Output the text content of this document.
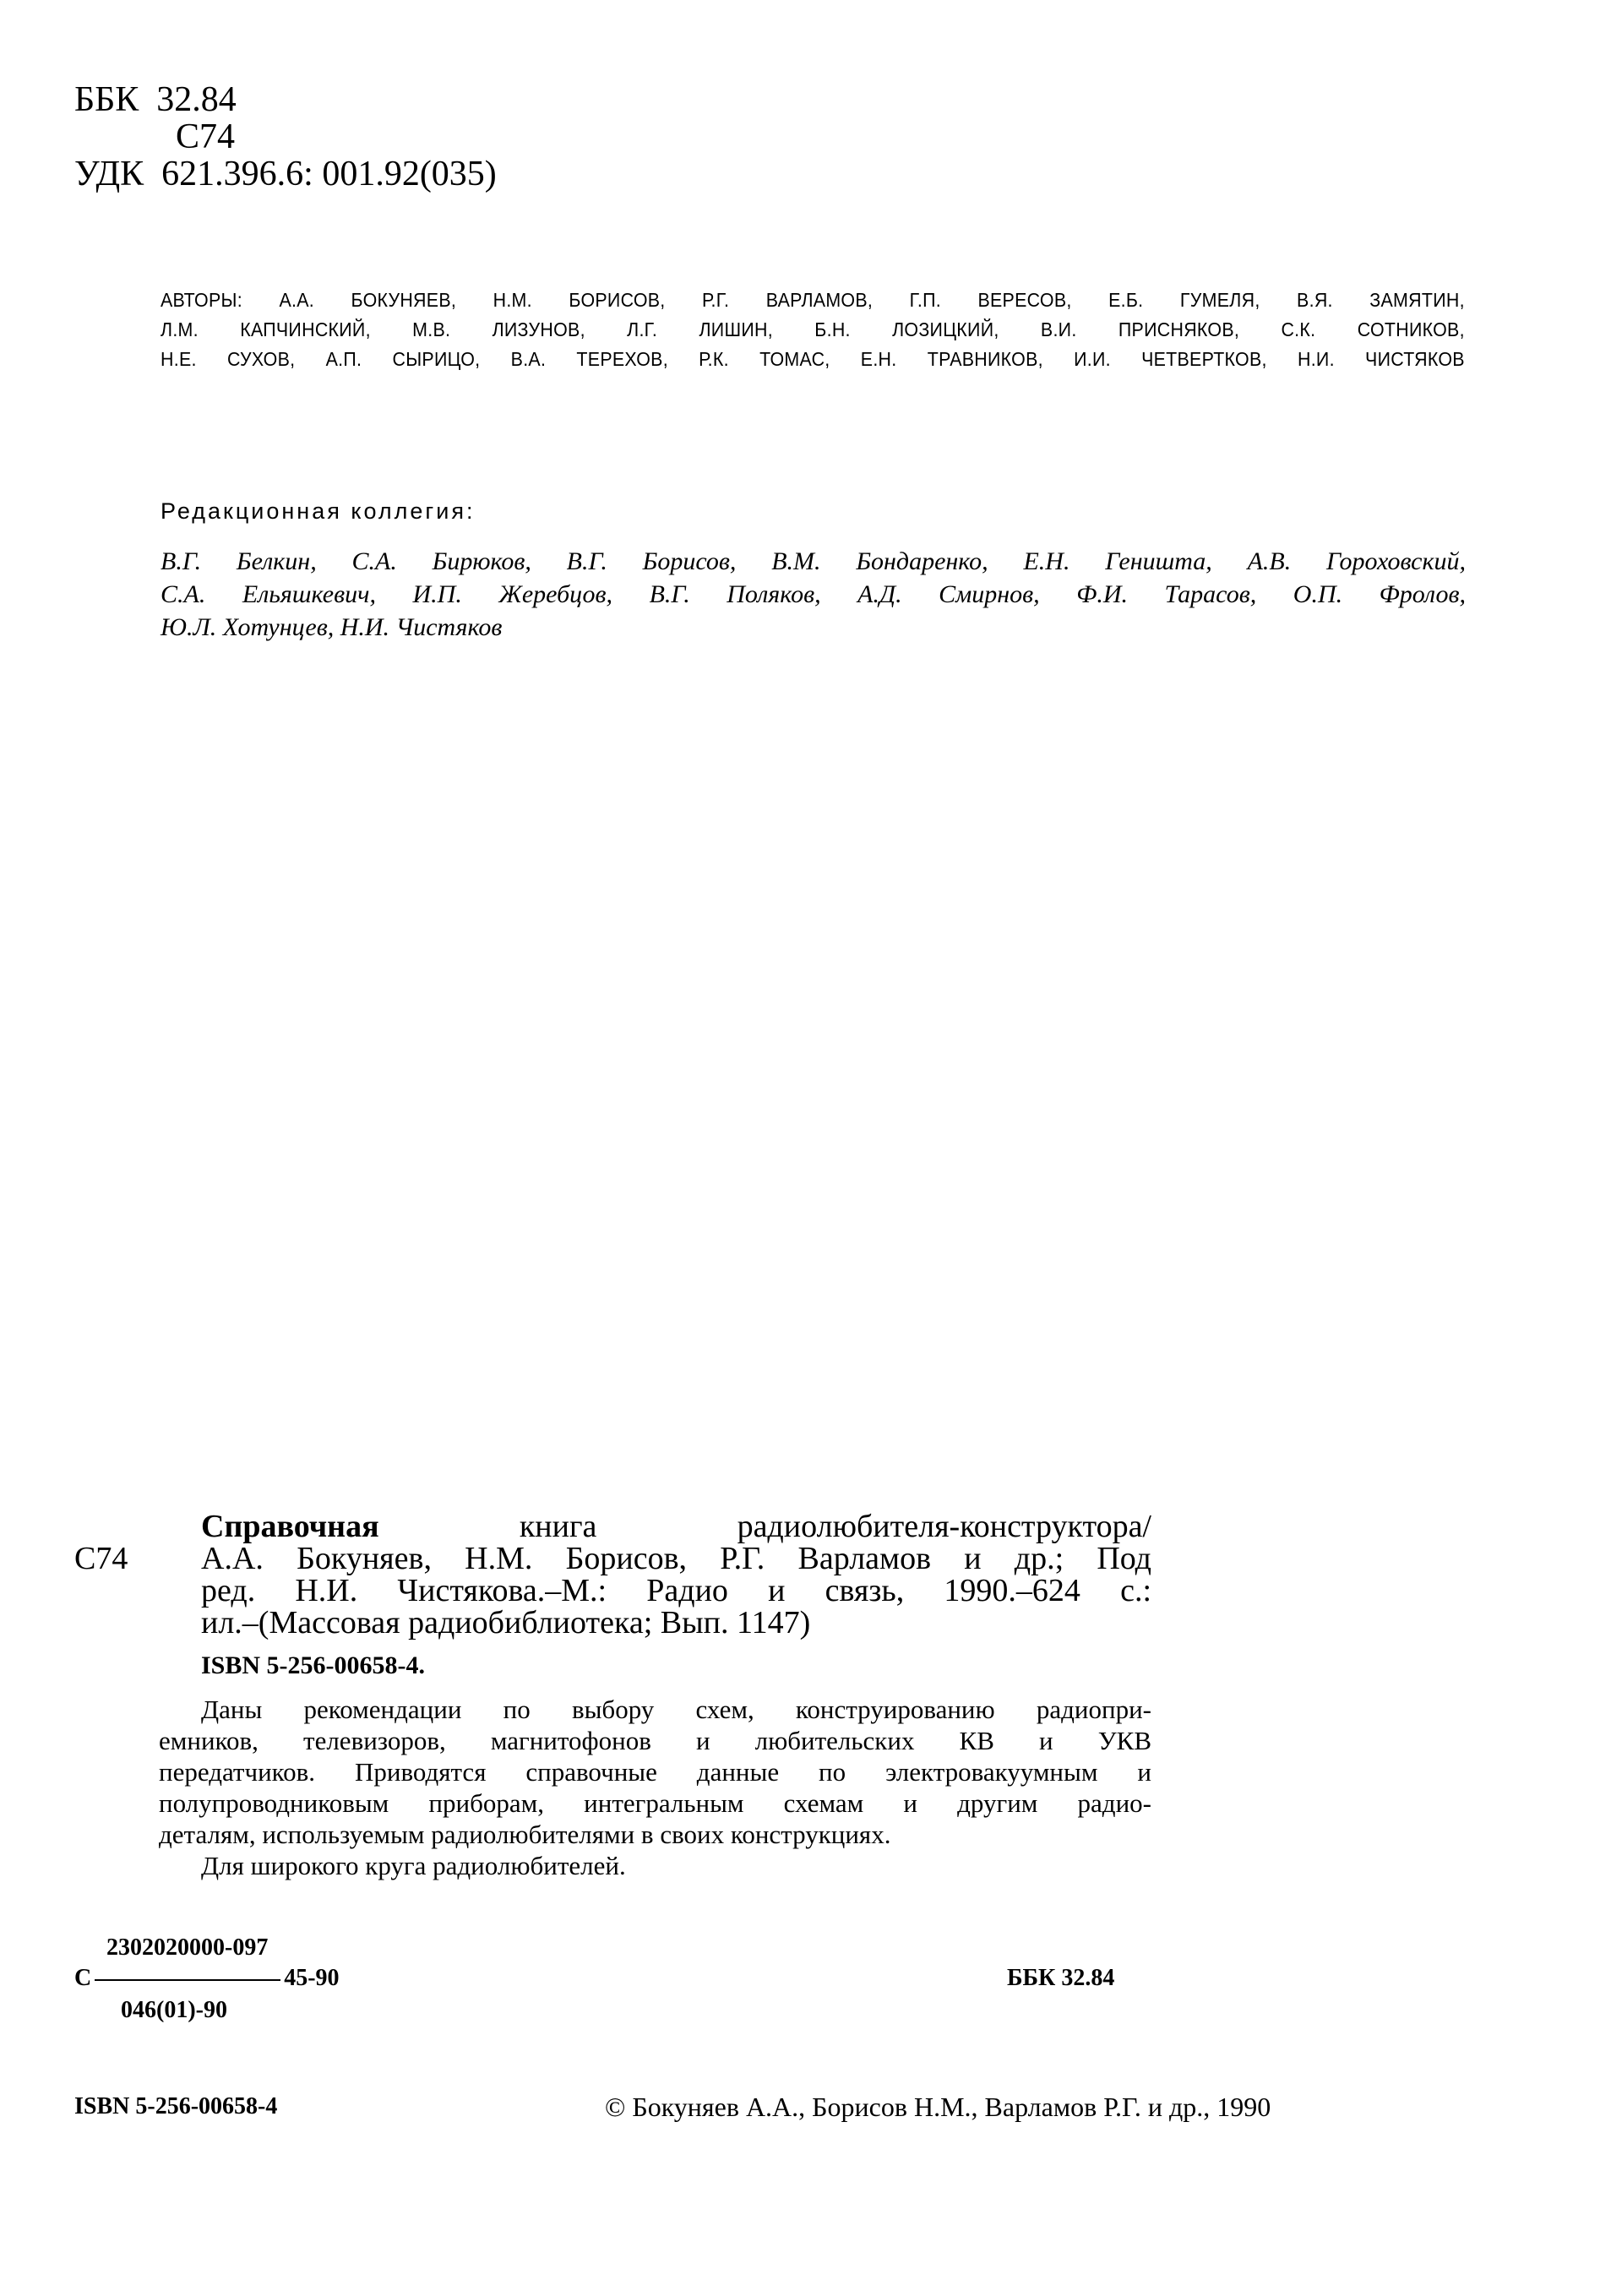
ББК  32.84
С74
УДК  621.396.6: 001.92(035)
АВТОРЫ: А.А. БОКУНЯЕВ, Н.М. БОРИСОВ, Р.Г. ВАРЛАМОВ, Г.П. ВЕРЕСОВ, Е.Б. ГУМЕЛЯ, В.Я. ЗАМЯТИН,
Л.М. КАПЧИНСКИЙ, М.В. ЛИЗУНОВ, Л.Г. ЛИШИН, Б.Н. ЛОЗИЦКИЙ, В.И. ПРИСНЯКОВ, С.К. СОТНИКОВ,
Н.Е. СУХОВ, А.П. СЫРИЦО, В.А. ТЕРЕХОВ, Р.К. ТОМАС, Е.Н. ТРАВНИКОВ, И.И. ЧЕТВЕРТКОВ, Н.И. ЧИСТЯКОВ
Редакционная коллегия:
В.Г. Белкин, С.А. Бирюков, В.Г. Борисов, В.М. Бондаренко, Е.Н. Геништа, А.В. Гороховский,
С.А. Ельяшкевич, И.П. Жеребцов, В.Г. Поляков, А.Д. Смирнов, Ф.И. Тарасов, О.П. Фролов,
Ю.Л. Хотунцев, Н.И. Чистяков
Справочная	книга радиолюбителя-конструктора/
С74	А.А. Бокуняев, Н.М. Борисов, Р.Г. Варламов и др.; Под
ред. Н.И. Чистякова.–М.: Радио и связь, 1990.–624 с.:
ил.–(Массовая радиобиблиотека; Вып. 1147)
ISBN 5-256-00658-4.
Даны рекомендации по выбору схем, конструированию радиопри-
емников, телевизоров, магнитофонов и любительских КВ и УКВ
передатчиков. Приводятся справочные данные по электровакуумным и
полупроводниковым приборам, интегральным схемам и другим радио-
деталям, используемым радиолюбителями в своих конструкциях.
Для широкого круга радиолюбителей.
2302020000-097
С	45-90
046(01)-90
ББК 32.84
ISBN 5-256-00658-4	© Бокуняев А.А., Борисов Н.М., Варламов Р.Г. и др., 1990
